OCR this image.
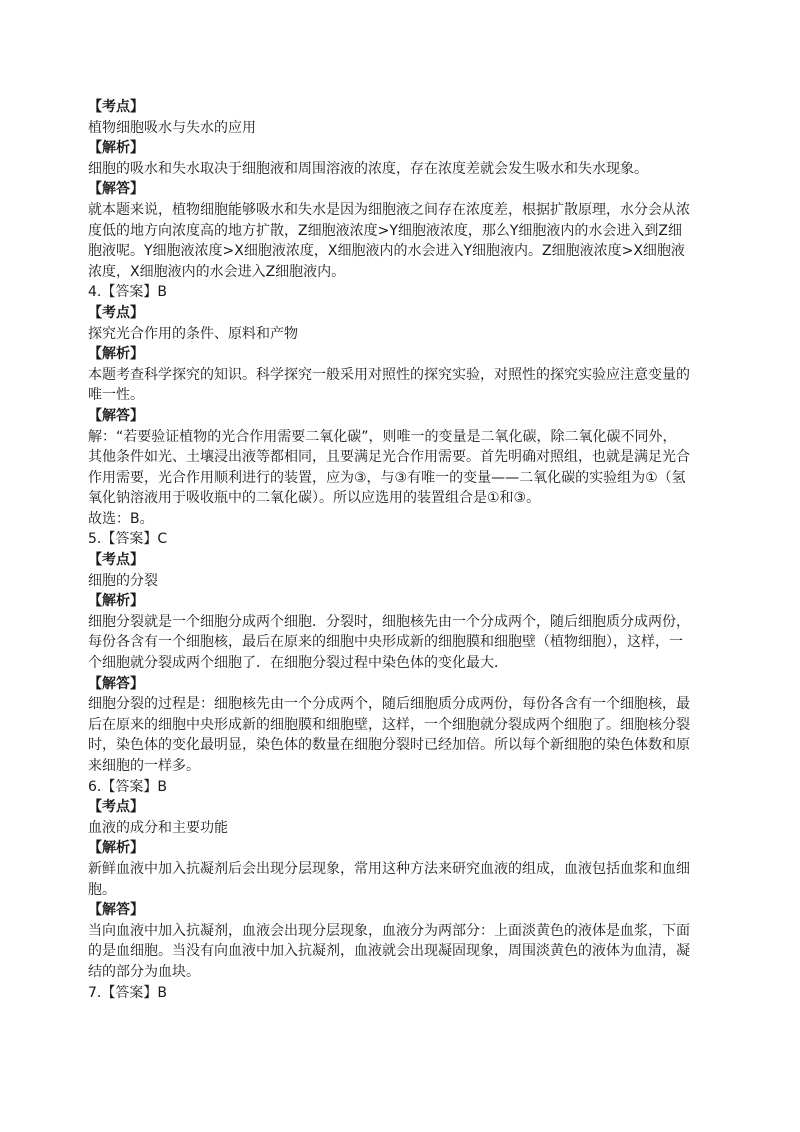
【考点】
植物细胞吸水与失水的应用
【解析】
细胞的吸水和失水取决于细胞液和周围溶液的浓度，存在浓度差就会发生吸水和失水现象。
【解答】
就本题来说，植物细胞能够吸水和失水是因为细胞液之间存在浓度差，根据扩散原理，水分会从浓
度低的地方向浓度高的地方扩散，Z细胞液浓度>Y细胞液浓度，那么Y细胞液内的水会进入到Z细
胞液呢。Y细胞液浓度>X细胞液浓度，X细胞液内的水会进入Y细胞液内。Z细胞液浓度>X细胞液
浓度，X细胞液内的水会进入Z细胞液内。
4.【答案】B
【考点】
探究光合作用的条件、原料和产物
【解析】
本题考查科学探究的知识。科学探究一般采用对照性的探究实验，对照性的探究实验应注意变量的
唯一性。
【解答】
解：“若要验证植物的光合作用需要二氧化碳”，则唯一的变量是二氧化碳，除二氧化碳不同外，
其他条件如光、土壤浸出液等都相同，且要满足光合作用需要。首先明确对照组，也就是满足光合
作用需要，光合作用顺利进行的装置，应为③，与③有唯一的变量——二氧化碳的实验组为①（氢
氧化钠溶液用于吸收瓶中的二氧化碳）。所以应选用的装置组合是①和③。
故选：B。
5.【答案】C
【考点】
细胞的分裂
【解析】
细胞分裂就是一个细胞分成两个细胞．分裂时，细胞核先由一个分成两个，随后细胞质分成两份，
每份各含有一个细胞核，最后在原来的细胞中央形成新的细胞膜和细胞壁（植物细胞），这样，一
个细胞就分裂成两个细胞了．在细胞分裂过程中染色体的变化最大．
【解答】
细胞分裂的过程是：细胞核先由一个分成两个，随后细胞质分成两份，每份各含有一个细胞核，最
后在原来的细胞中央形成新的细胞膜和细胞壁，这样，一个细胞就分裂成两个细胞了。细胞核分裂
时，染色体的变化最明显，染色体的数量在细胞分裂时已经加倍。所以每个新细胞的染色体数和原
来细胞的一样多。
6.【答案】B
【考点】
血液的成分和主要功能
【解析】
新鲜血液中加入抗凝剂后会出现分层现象，常用这种方法来研究血液的组成，血液包括血浆和血细
胞。
【解答】
当向血液中加入抗凝剂，血液会出现分层现象，血液分为两部分：上面淡黄色的液体是血浆，下面
的是血细胞。当没有向血液中加入抗凝剂，血液就会出现凝固现象，周围淡黄色的液体为血清，凝
结的部分为血块。
7.【答案】B
